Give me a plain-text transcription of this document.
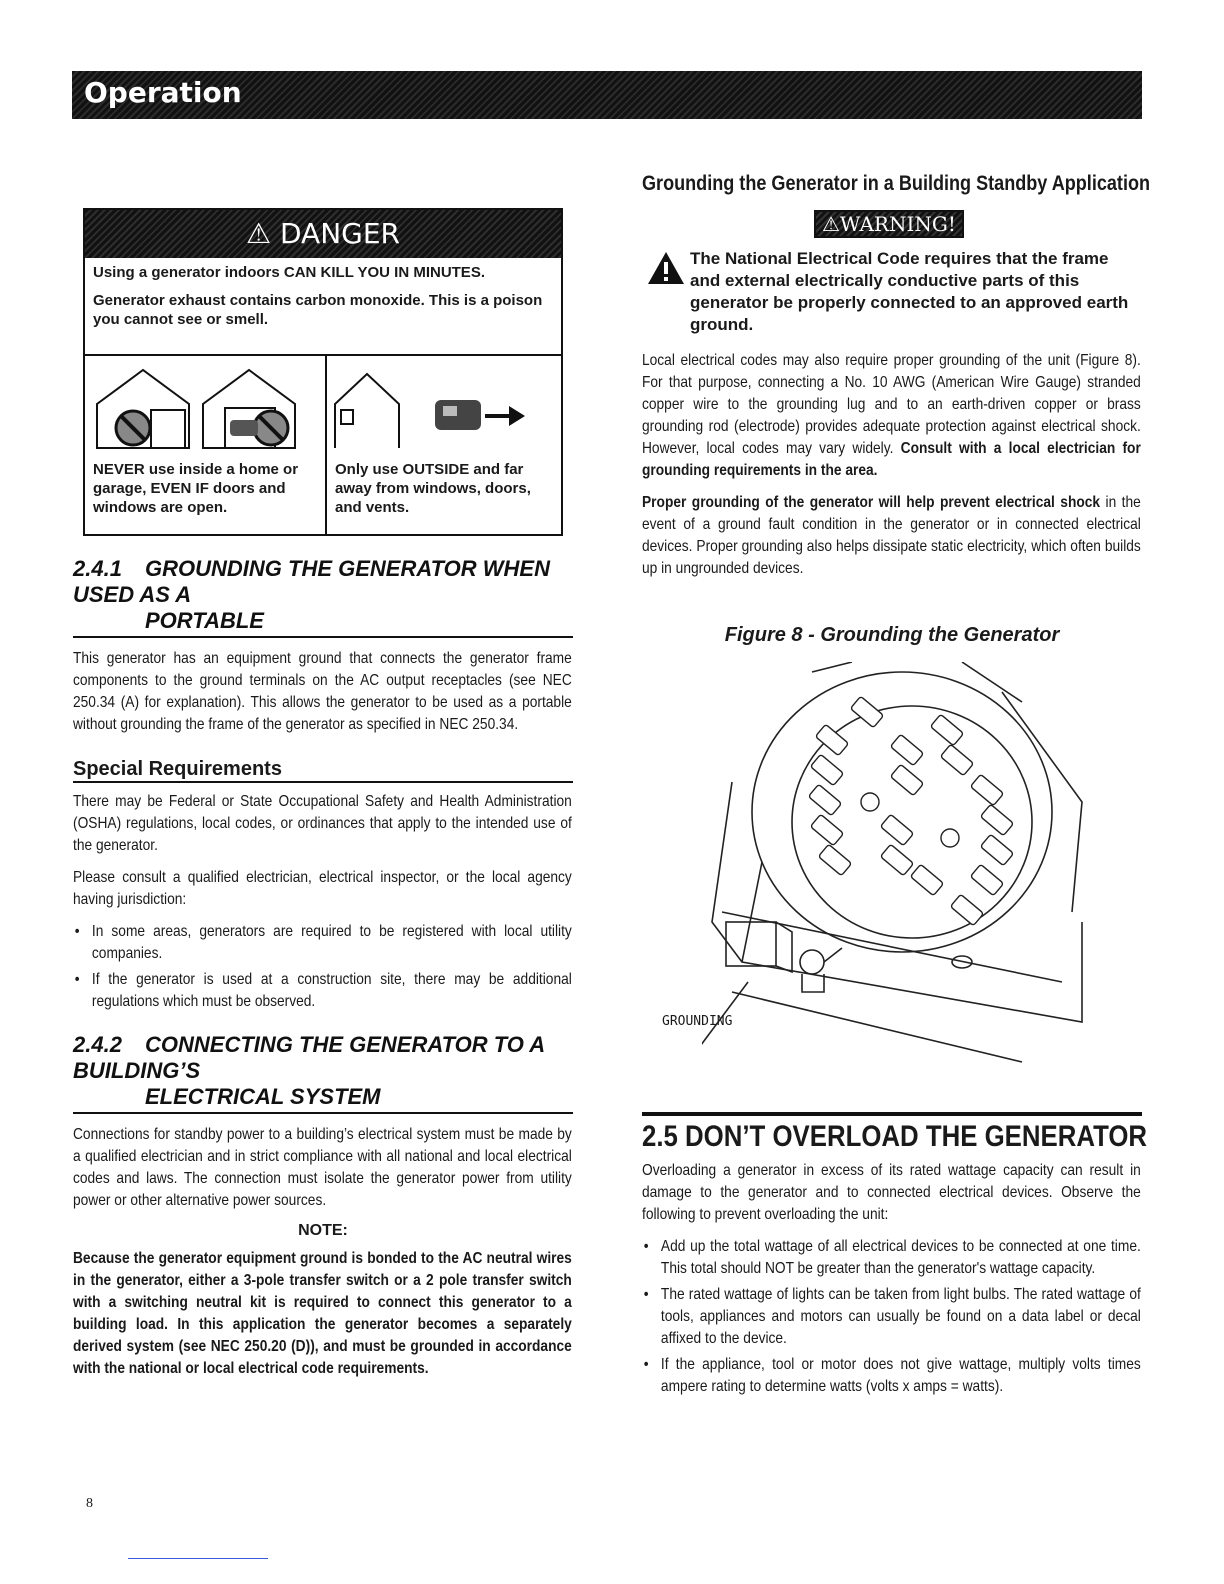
Operation
⚠ DANGER

Using a generator indoors CAN KILL YOU IN MINUTES.

Generator exhaust contains carbon monoxide. This is a poison you cannot see or smell.

NEVER use inside a home or garage, EVEN IF doors and windows are open.
Only use OUTSIDE and far away from windows, doors, and vents.
2.4.1 GROUNDING THE GENERATOR WHEN USED AS A
PORTABLE

This generator has an equipment ground that connects the generator frame components to the ground terminals on the AC output receptacles (see NEC 250.34 (A) for explanation). This allows the generator to be used as a portable without grounding the frame of the generator as specified in NEC 250.34.

Special Requirements

There may be Federal or State Occupational Safety and Health Administration (OSHA) regulations, local codes, or ordinances that apply to the intended use of the generator.

Please consult a qualified electrician, electrical inspector, or the local agency having jurisdiction:

• In some areas, generators are required to be registered with local utility companies.
• If the generator is used at a construction site, there may be additional regulations which must be observed.
2.4.2 CONNECTING THE GENERATOR TO A BUILDING’S
ELECTRICAL SYSTEM

Connections for standby power to a building’s electrical system must be made by a qualified electrician and in strict compliance with all national and local electrical codes and laws. The connection must isolate the generator power from utility power or other alternative power sources.

NOTE:

Because the generator equipment ground is bonded to the AC neutral wires in the generator, either a 3-pole transfer switch or a 2 pole transfer switch with a switching neutral kit is required to connect this generator to a building load. In this application the generator becomes a separately derived system (see NEC 250.20 (D)), and must be grounded in accordance with the national or local electrical code requirements.

Grounding the Generator in a Building Standby Application
⚠WARNING!

The National Electrical Code requires that the frame and external electrically conductive parts of this generator be properly connected to an approved earth ground.

Local electrical codes may also require proper grounding of the unit (Figure 8). For that purpose, connecting a No. 10 AWG (American Wire Gauge) stranded copper wire to the grounding lug and to an earth-driven copper or brass grounding rod (electrode) provides adequate protection against electrical shock. However, local codes may vary widely. Consult with a local electrician for grounding requirements in the area.

Proper grounding of the generator will help prevent electrical shock in the event of a ground fault condition in the generator or in connected electrical devices. Proper grounding also helps dissipate static electricity, which often builds up in ungrounded devices.

Figure 8 - Grounding the Generator
GROUNDING
2.5 DON’T OVERLOAD THE GENERATOR

Overloading a generator in excess of its rated wattage capacity can result in damage to the generator and to connected electrical devices. Observe the following to prevent overloading the unit:

• Add up the total wattage of all electrical devices to be connected at one time. This total should NOT be greater than the generator's wattage capacity.
• The rated wattage of lights can be taken from light bulbs. The rated wattage of tools, appliances and motors can usually be found on a data label or decal affixed to the device.
• If the appliance, tool or motor does not give wattage, multiply volts times ampere rating to determine watts (volts x amps = watts).
8
